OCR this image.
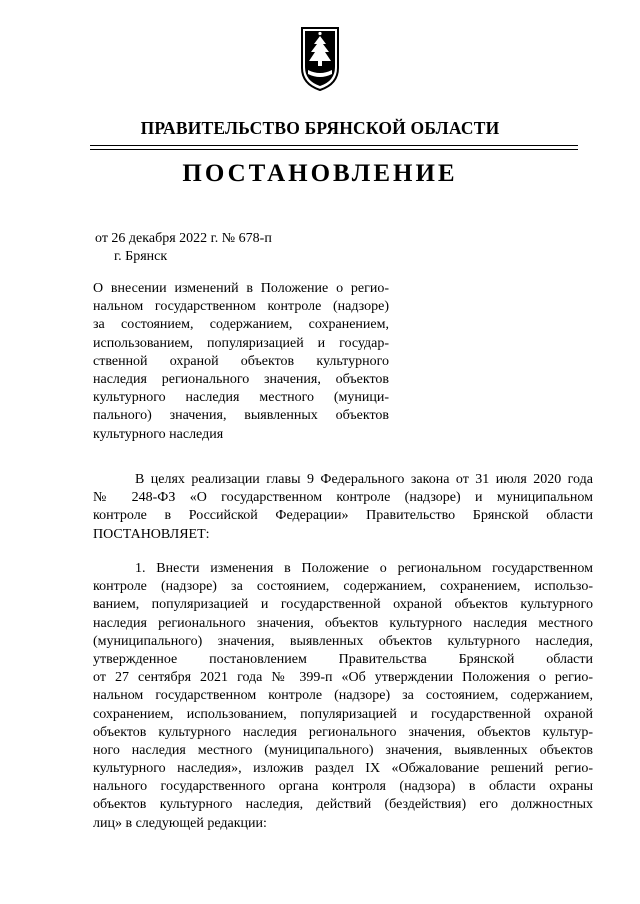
ПРАВИТЕЛЬСТВО БРЯНСКОЙ ОБЛАСТИ
ПОСТАНОВЛЕНИЕ
от 26 декабря 2022 г. № 678-п
г. Брянск
О внесении изменений в Положение о регио-
нальном государственном контроле (надзоре)
за состоянием, содержанием, сохранением,
использованием, популяризацией и государ-
ственной охраной объектов культурного
наследия регионального значения, объектов
культурного наследия местного (муници-
пального) значения, выявленных объектов
культурного наследия
В целях реализации главы 9 Федерального закона от 31 июля 2020 года
№ 248-ФЗ «О государственном контроле (надзоре) и муниципальном
контроле в Российской Федерации» Правительство Брянской области
ПОСТАНОВЛЯЕТ:
1. Внести изменения в Положение о региональном государственном
контроле (надзоре) за состоянием, содержанием, сохранением, использо-
ванием, популяризацией и государственной охраной объектов культурного
наследия регионального значения, объектов культурного наследия местного
(муниципального) значения, выявленных объектов культурного наследия,
утвержденное постановлением Правительства Брянской области
от 27 сентября 2021 года № 399-п «Об утверждении Положения о регио-
нальном государственном контроле (надзоре) за состоянием, содержанием,
сохранением, использованием, популяризацией и государственной охраной
объектов культурного наследия регионального значения, объектов культур-
ного наследия местного (муниципального) значения, выявленных объектов
культурного наследия», изложив раздел IX «Обжалование решений регио-
нального государственного органа контроля (надзора) в области охраны
объектов культурного наследия, действий (бездействия) его должностных
лиц» в следующей редакции:
